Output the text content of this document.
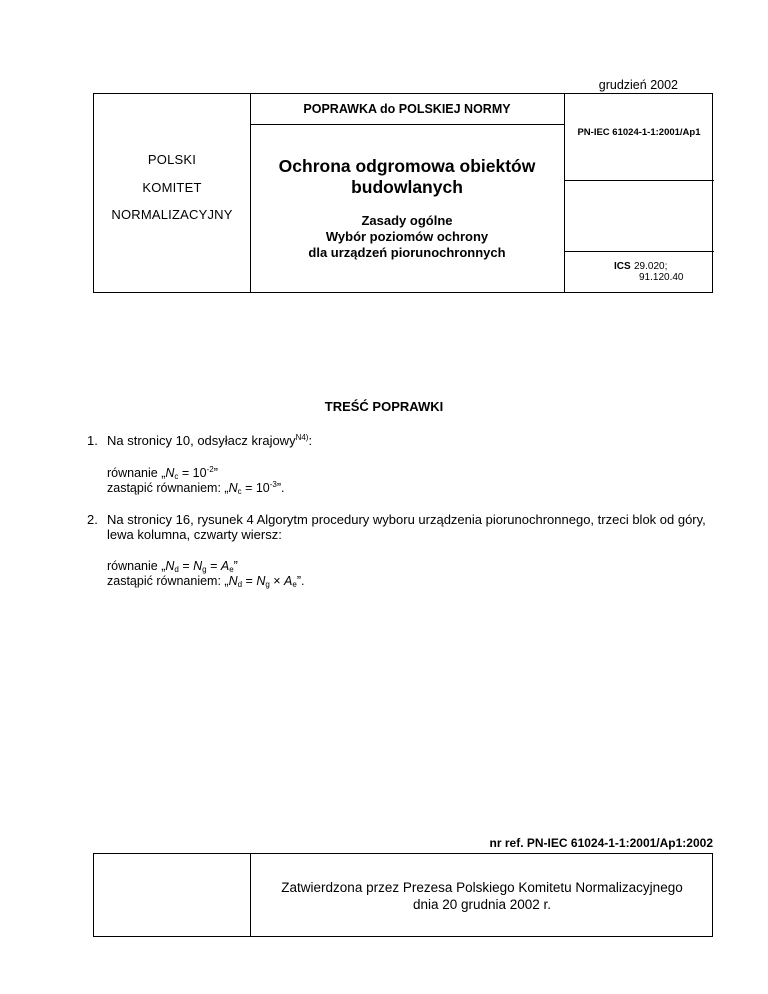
grudzień 2002
POLSKI
KOMITET
NORMALIZACYJNY
POPRAWKA do POLSKIEJ NORMY
PN-IEC 61024-1-1:2001/Ap1
Ochrona odgromowa obiektów
budowlanych
Zasady ogólne
Wybór poziomów ochrony
dla urządzeń piorunochronnych
ICS 29.020;
91.120.40
TREŚĆ POPRAWKI
1. Na stronicy 10, odsyłacz krajowy$^{N4)}$:
równanie $„N_c = 10^{-2}$”
zastąpić równaniem: $„N_c = 10^{-3}$”.
2. Na stronicy 16, rysunek 4 Algorytm procedury wyboru urządzenia piorunochronnego, trzeci blok od góry,
lewa kolumna, czwarty wiersz:
równanie $„N_d = N_g = A_e$”
zastąpić równaniem: $„N_d = N_g \times A_e$”.
nr ref. PN-IEC 61024-1-1:2001/Ap1:2002
Zatwierdzona przez Prezesa Polskiego Komitetu Normalizacyjnego
dnia 20 grudnia 2002 r.
